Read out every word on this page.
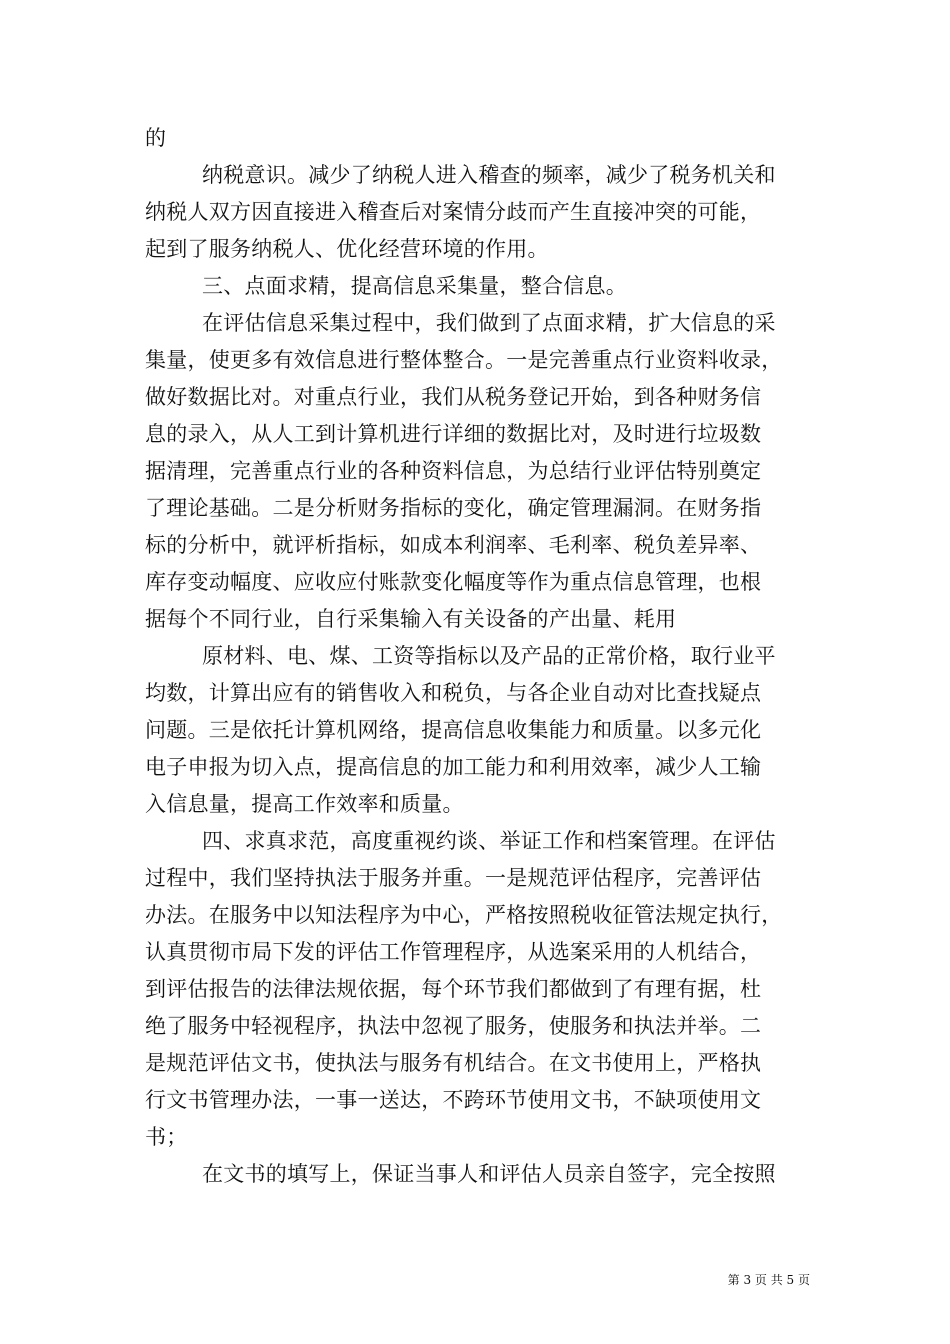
的
纳税意识。减少了纳税人进入稽查的频率，减少了税务机关和
纳税人双方因直接进入稽查后对案情分歧而产生直接冲突的可能，
起到了服务纳税人、优化经营环境的作用。
三、点面求精，提高信息采集量，整合信息。
在评估信息采集过程中，我们做到了点面求精，扩大信息的采
集量，使更多有效信息进行整体整合。一是完善重点行业资料收录，
做好数据比对。对重点行业，我们从税务登记开始，到各种财务信
息的录入，从人工到计算机进行详细的数据比对，及时进行垃圾数
据清理，完善重点行业的各种资料信息，为总结行业评估特别奠定
了理论基础。二是分析财务指标的变化，确定管理漏洞。在财务指
标的分析中，就评析指标，如成本利润率、毛利率、税负差异率、
库存变动幅度、应收应付账款变化幅度等作为重点信息管理，也根
据每个不同行业，自行采集输入有关设备的产出量、耗用
原材料、电、煤、工资等指标以及产品的正常价格，取行业平
均数，计算出应有的销售收入和税负，与各企业自动对比查找疑点
问题。三是依托计算机网络，提高信息收集能力和质量。以多元化
电子申报为切入点，提高信息的加工能力和利用效率，减少人工输
入信息量，提高工作效率和质量。
四、求真求范，高度重视约谈、举证工作和档案管理。在评估
过程中，我们坚持执法于服务并重。一是规范评估程序，完善评估
办法。在服务中以知法程序为中心，严格按照税收征管法规定执行，
认真贯彻市局下发的评估工作管理程序，从选案采用的人机结合，
到评估报告的法律法规依据，每个环节我们都做到了有理有据，杜
绝了服务中轻视程序，执法中忽视了服务，使服务和执法并举。二
是规范评估文书，使执法与服务有机结合。在文书使用上，严格执
行文书管理办法，一事一送达，不跨环节使用文书，不缺项使用文
书；
在文书的填写上，保证当事人和评估人员亲自签字，完全按照
第 3 页 共 5 页
